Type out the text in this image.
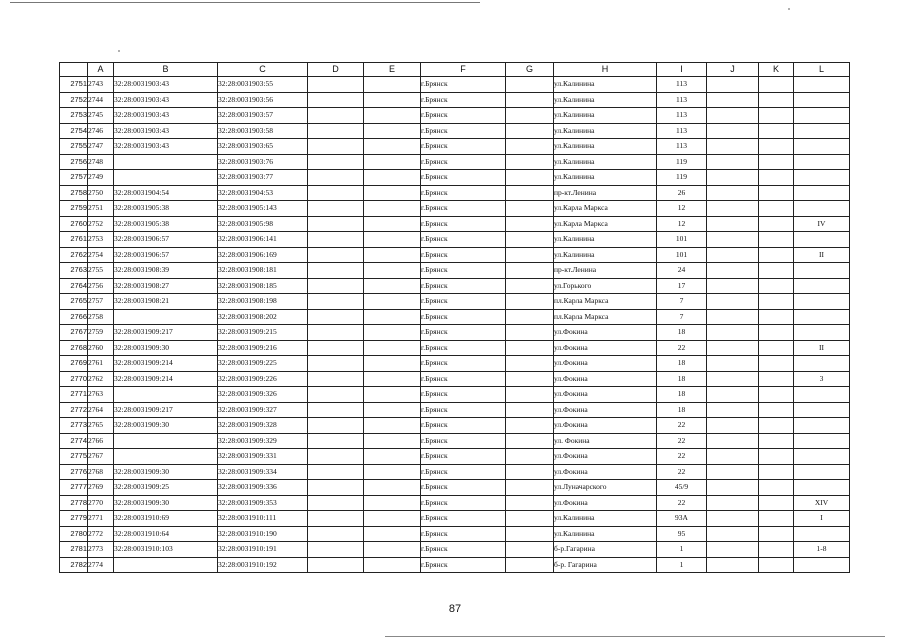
	A	B	C	D	E	F	G	H	I	J	K	L
2751	2743	32:28:0031903:43	32:28:0031903:55			г.Брянск		ул.Калинина	113			
2752	2744	32:28:0031903:43	32:28:0031903:56			г.Брянск		ул.Калинина	113			
2753	2745	32:28:0031903:43	32:28:0031903:57			г.Брянск		ул.Калинина	113			
2754	2746	32:28:0031903:43	32:28:0031903:58			г.Брянск		ул.Калинина	113			
2755	2747	32:28:0031903:43	32:28:0031903:65			г.Брянск		ул.Калинина	113			
2756	2748		32:28:0031903:76			г.Брянск		ул.Калинина	119			
2757	2749		32:28:0031903:77			г.Брянск		ул.Калинина	119			
2758	2750	32:28:0031904:54	32:28:0031904:53			г.Брянск		пр-кт.Ленина	26			
2759	2751	32:28:0031905:38	32:28:0031905:143			г.Брянск		ул.Карла Маркса	12			
2760	2752	32:28:0031905:38	32:28:0031905:98			г.Брянск		ул.Карла Маркса	12			IV
2761	2753	32:28:0031906:57	32:28:0031906:141			г.Брянск		ул.Калинина	101			
2762	2754	32:28:0031906:57	32:28:0031906:169			г.Брянск		ул.Калинина	101			II
2763	2755	32:28:0031908:39	32:28:0031908:181			г.Брянск		пр-кт.Ленина	24			
2764	2756	32:28:0031908:27	32:28:0031908:185			г.Брянск		ул.Горького	17			
2765	2757	32:28:0031908:21	32:28:0031908:198			г.Брянск		пл.Карла Маркса	7			
2766	2758		32:28:0031908:202			г.Брянск		пл.Карла Маркса	7			
2767	2759	32:28:0031909:217	32:28:0031909:215			г.Брянск		ул.Фокина	18			
2768	2760	32:28:0031909:30	32:28:0031909:216			г.Брянск		ул.Фокина	22			II
2769	2761	32:28:0031909:214	32:28:0031909:225			г.Брянск		ул.Фокина	18			
2770	2762	32:28:0031909:214	32:28:0031909:226			г.Брянск		ул.Фокина	18			3
2771	2763		32:28:0031909:326			г.Брянск		ул.Фокина	18			
2772	2764	32:28:0031909:217	32:28:0031909:327			г.Брянск		ул.Фокина	18			
2773	2765	32:28:0031909:30	32:28:0031909:328			г.Брянск		ул.Фокина	22			
2774	2766		32:28:0031909:329			г.Брянск		ул. Фокина	22			
2775	2767		32:28:0031909:331			г.Брянск		ул.Фокина	22			
2776	2768	32:28:0031909:30	32:28:0031909:334			г.Брянск		ул.Фокина	22			
2777	2769	32:28:0031909:25	32:28:0031909:336			г.Брянск		ул.Луначарского	45/9			
2778	2770	32:28:0031909:30	32:28:0031909:353			г.Брянск		ул.Фокина	22			XIV
2779	2771	32:28:0031910:69	32:28:0031910:111			г.Брянск		ул.Калинина	93А			I
2780	2772	32:28:0031910:64	32:28:0031910:190			г.Брянск		ул.Калинина	95			
2781	2773	32:28:0031910:103	32:28:0031910:191			г.Брянск		б-р.Гагарина	1			1-8
2782	2774		32:28:0031910:192			г.Брянск		б-р. Гагарина	1			
87
